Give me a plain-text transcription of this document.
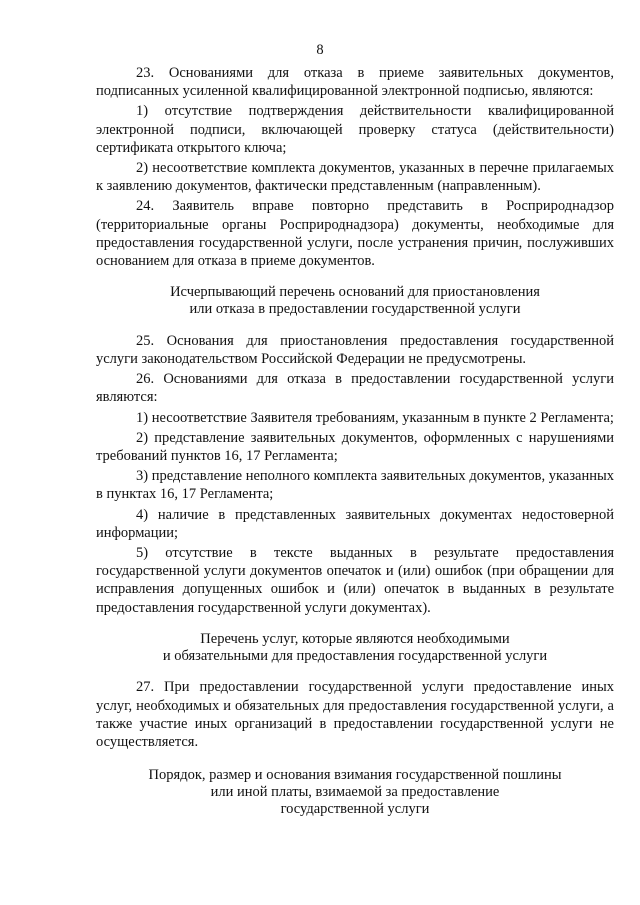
8

23. Основаниями для отказа в приеме заявительных документов, подписанных усиленной квалифицированной электронной подписью, являются:

1) отсутствие подтверждения действительности квалифицированной электронной подписи, включающей проверку статуса (действительности) сертификата открытого ключа;

2) несоответствие комплекта документов, указанных в перечне прилагаемых к заявлению документов, фактически представленным (направленным).

24. Заявитель вправе повторно представить в Росприроднадзор (территориальные органы Росприроднадзора) документы, необходимые для предоставления государственной услуги, после устранения причин, послуживших основанием для отказа в приеме документов.

Исчерпывающий перечень оснований для приостановления
или отказа в предоставлении государственной услуги

25. Основания для приостановления предоставления государственной услуги законодательством Российской Федерации не предусмотрены.

26. Основаниями для отказа в предоставлении государственной услуги являются:

1) несоответствие Заявителя требованиям, указанным в пункте 2 Регламента;

2) представление заявительных документов, оформленных с нарушениями требований пунктов 16, 17 Регламента;

3) представление неполного комплекта заявительных документов, указанных в пунктах 16, 17 Регламента;

4) наличие в представленных заявительных документах недостоверной информации;

5) отсутствие в тексте выданных в результате предоставления государственной услуги документов опечаток и (или) ошибок (при обращении для исправления допущенных ошибок и (или) опечаток в выданных в результате предоставления государственной услуги документах).

Перечень услуг, которые являются необходимыми
и обязательными для предоставления государственной услуги

27. При предоставлении государственной услуги предоставление иных услуг, необходимых и обязательных для предоставления государственной услуги, а также участие иных организаций в предоставлении государственной услуги не осуществляется.

Порядок, размер и основания взимания государственной пошлины
или иной платы, взимаемой за предоставление
государственной услуги
